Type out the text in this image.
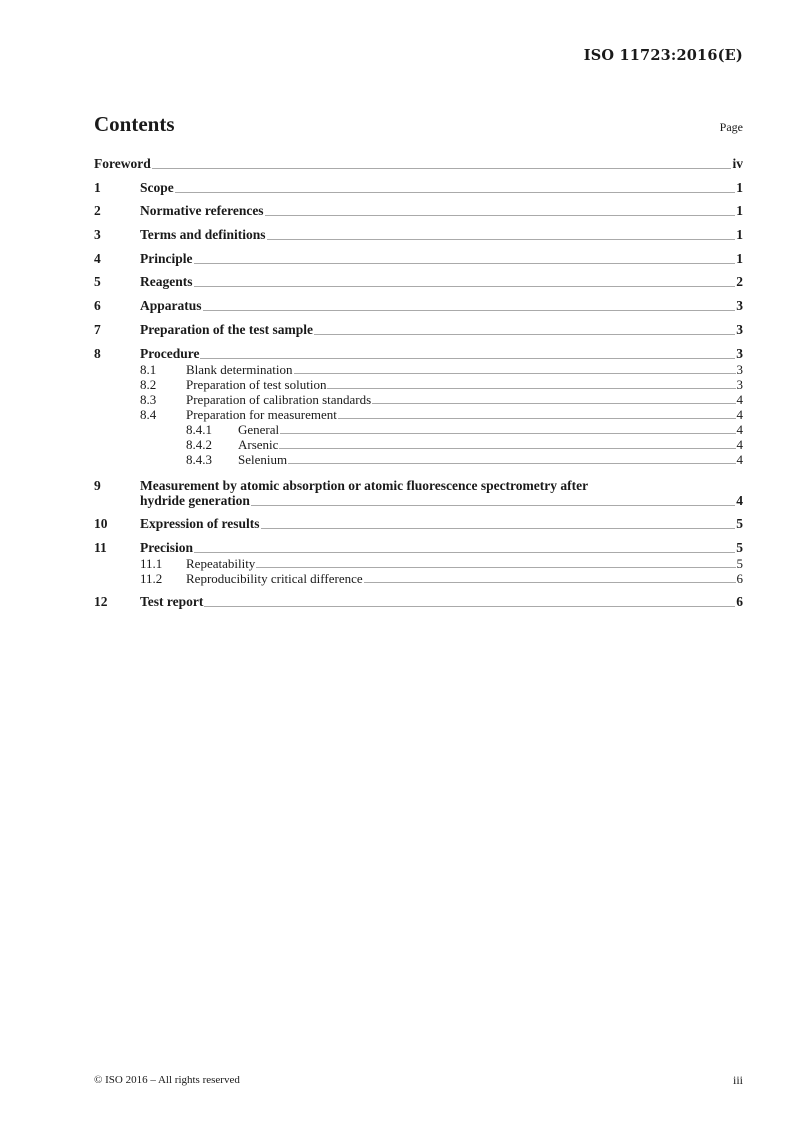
ISO 11723:2016(E)
Contents	Page
Foreword	iv
1	Scope	1
2	Normative references	1
3	Terms and definitions	1
4	Principle	1
5	Reagents	2
6	Apparatus	3
7	Preparation of the test sample	3
8	Procedure	3
8.1	Blank determination	3
8.2	Preparation of test solution	3
8.3	Preparation of calibration standards	4
8.4	Preparation for measurement	4
8.4.1	General	4
8.4.2	Arsenic	4
8.4.3	Selenium	4
9	Measurement by atomic absorption or atomic fluorescence spectrometry after
hydride generation	4
10	Expression of results	5
11	Precision	5
11.1	Repeatability	5
11.2	Reproducibility critical difference	6
12	Test report	6
© ISO 2016 – All rights reserved	iii
